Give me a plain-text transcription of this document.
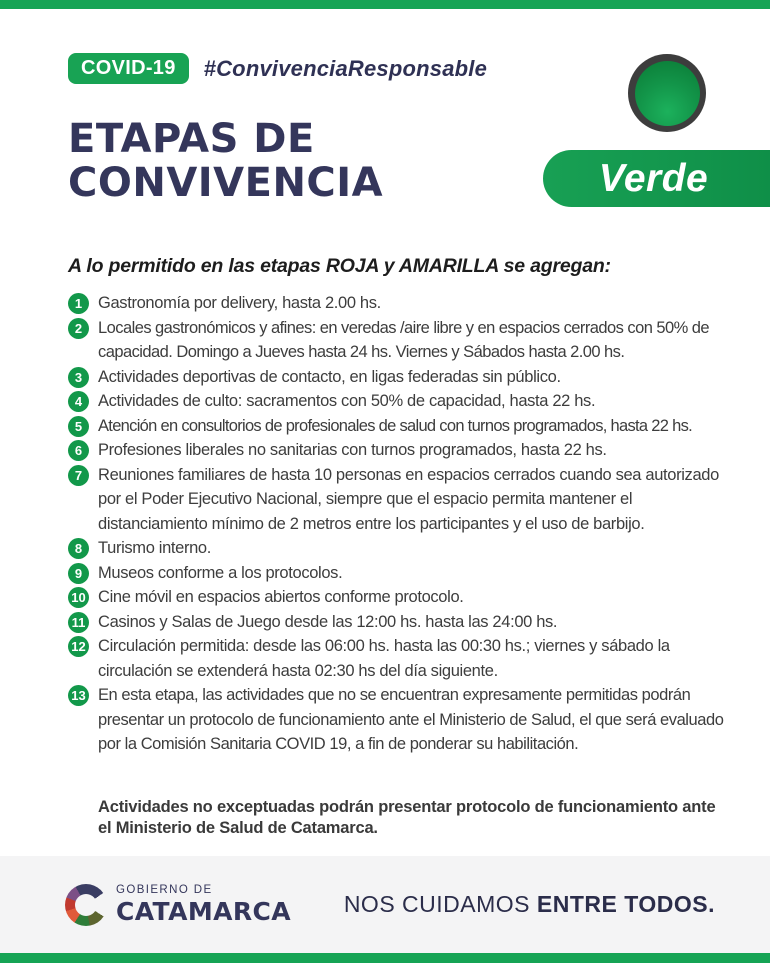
COVID-19	#ConvivenciaResponsable
ETAPAS DE
CONVIVENCIA

A lo permitido en las etapas ROJA y AMARILLA se agregan:

1 Gastronomía por delivery, hasta 2.00 hs.
2 Locales gastronómicos y afines: en veredas /aire libre y en espacios cerrados con 50% de capacidad. Domingo a Jueves hasta 24 hs. Viernes y Sábados hasta 2.00 hs.
3 Actividades deportivas de contacto, en ligas federadas sin público.
4 Actividades de culto: sacramentos con 50% de capacidad, hasta 22 hs.
5 Atención en consultorios de profesionales de salud con turnos programados, hasta 22 hs.
6 Profesiones liberales no sanitarias con turnos programados, hasta 22 hs.
7 Reuniones familiares de hasta 10 personas en espacios cerrados cuando sea autorizado por el Poder Ejecutivo Nacional, siempre que el espacio permita mantener el distanciamiento mínimo de 2 metros entre los participantes y el uso de barbijo.
8 Turismo interno.
9 Museos conforme a los protocolos.
10 Cine móvil en espacios abiertos conforme protocolo.
11 Casinos y Salas de Juego desde las 12:00 hs. hasta las 24:00 hs.
12 Circulación permitida: desde las 06:00 hs. hasta las 00:30 hs.; viernes y sábado la circulación se extenderá hasta 02:30 hs del día siguiente.
13 En esta etapa, las actividades que no se encuentran expresamente permitidas podrán presentar un protocolo de funcionamiento ante el Ministerio de Salud, el que será evaluado por la Comisión Sanitaria COVID 19, a fin de ponderar su habilitación.

Actividades no exceptuadas podrán presentar protocolo de funcionamiento ante el Ministerio de Salud de Catamarca.

Verde
GOBIERNO DE
CATAMARCA NOS CUIDAMOS ENTRE TODOS.
